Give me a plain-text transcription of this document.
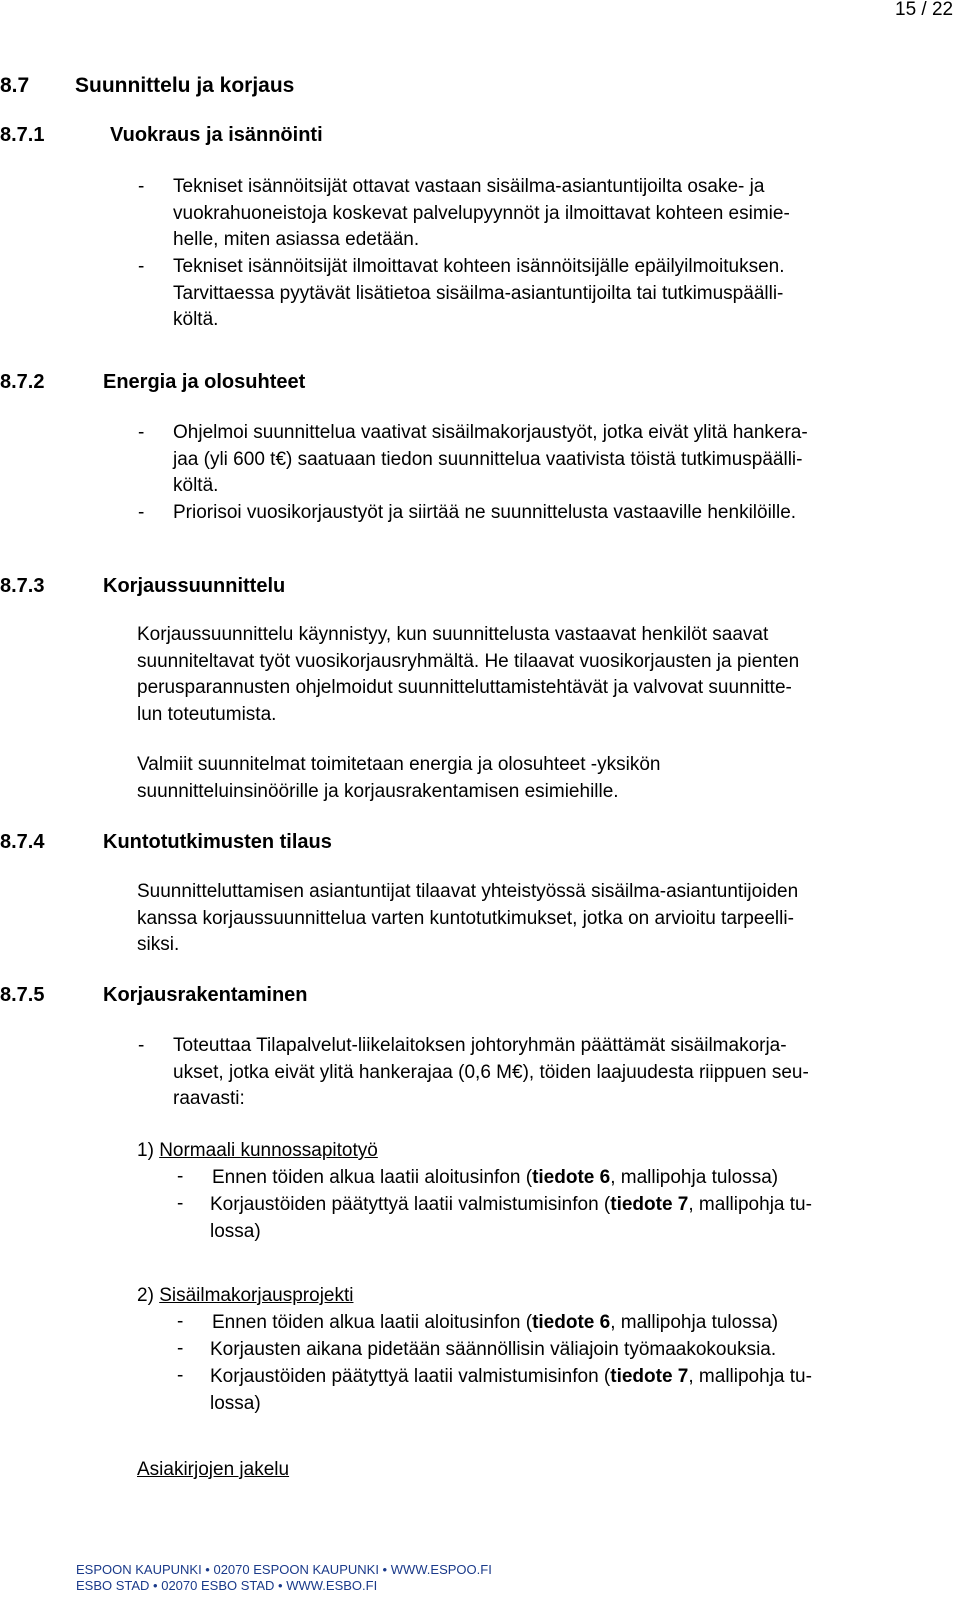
15 / 22
8.7 Suunnittelu ja korjaus
8.7.1	Vuokraus ja isännöinti
- Tekniset isännöitsijät ottavat vastaan sisäilma-asiantuntijoilta osake- ja
vuokrahuoneistoja koskevat palvelupyynnöt ja ilmoittavat kohteen esimie-
helle, miten asiassa edetään.
- Tekniset isännöitsijät ilmoittavat kohteen isännöitsijälle epäilyilmoituksen.
Tarvittaessa pyytävät lisätietoa sisäilma-asiantuntijoilta tai tutkimuspäälli-
költä.
8.7.2	Energia ja olosuhteet
- Ohjelmoi suunnittelua vaativat sisäilmakorjaustyöt, jotka eivät ylitä hankera-
jaa (yli 600 t€) saatuaan tiedon suunnittelua vaativista töistä tutkimuspäälli-
költä.
- Priorisoi vuosikorjaustyöt ja siirtää ne suunnittelusta vastaaville henkilöille.
8.7.3	Korjaussuunnittelu
Korjaussuunnittelu käynnistyy, kun suunnittelusta vastaavat henkilöt saavat
suunniteltavat työt vuosikorjausryhmältä. He tilaavat vuosikorjausten ja pienten
perusparannusten ohjelmoidut suunnitteluttamistehtävät ja valvovat suunnitte-
lun toteutumista.
Valmiit suunnitelmat toimitetaan energia ja olosuhteet -yksikön
suunnitteluinsinöörille ja korjausrakentamisen esimiehille.
8.7.4	Kuntotutkimusten tilaus
Suunnitteluttamisen asiantuntijat tilaavat yhteistyössä sisäilma-asiantuntijoiden
kanssa korjaussuunnittelua varten kuntotutkimukset, jotka on arvioitu tarpeelli-
siksi.
8.7.5	Korjausrakentaminen
- Toteuttaa Tilapalvelut-liikelaitoksen johtoryhmän päättämät sisäilmakorja-
ukset, jotka eivät ylitä hankerajaa (0,6 M€), töiden laajuudesta riippuen seu-
raavasti:
1) Normaali kunnossapitotyö
- Ennen töiden alkua laatii aloitusinfon (tiedote 6, mallipohja tulossa)
- Korjaustöiden päätyttyä laatii valmistumisinfon (tiedote 7, mallipohja tu-
lossa)
2) Sisäilmakorjausprojekti
- Ennen töiden alkua laatii aloitusinfon (tiedote 6, mallipohja tulossa)
- Korjausten aikana pidetään säännöllisin väliajoin työmaakokouksia.
- Korjaustöiden päätyttyä laatii valmistumisinfon (tiedote 7, mallipohja tu-
lossa)
Asiakirjojen jakelu
ESPOON KAUPUNKI • 02070 ESPOON KAUPUNKI • WWW.ESPOO.FI
ESBO STAD • 02070 ESBO STAD • WWW.ESBO.FI
